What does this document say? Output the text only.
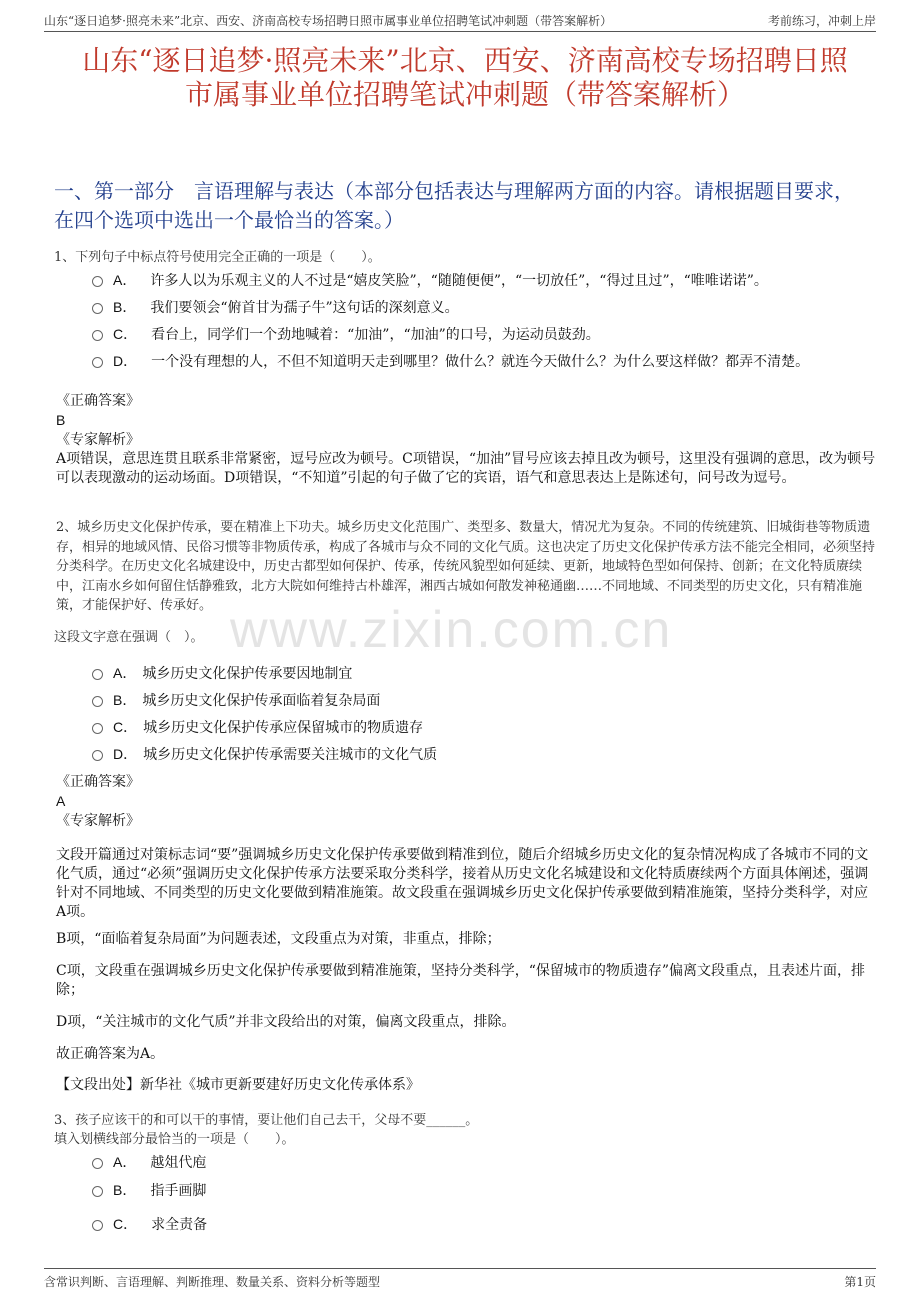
山东“逐日追梦·照亮未来”北京、西安、济南高校专场招聘日照市属事业单位招聘笔试冲刺题（带答案解析）	考前练习，冲刺上岸
山东“逐日追梦·照亮未来”北京、西安、济南高校专场招聘日照
市属事业单位招聘笔试冲刺题（带答案解析）
一、第一部分　言语理解与表达（本部分包括表达与理解两方面的内容。请根据题目要求，在四个选项中选出一个最恰当的答案。）
www.zixin.com.cn
1、下列句子中标点符号使用完全正确的一项是（　　）。
A． 许多人以为乐观主义的人不过是“嬉皮笑脸”，“随随便便”，“一切放任”，“得过且过”，“唯唯诺诺”。
B． 我们要领会“俯首甘为孺子牛”这句话的深刻意义。
C． 看台上，同学们一个劲地喊着：“加油”，“加油”的口号，为运动员鼓劲。
D． 一个没有理想的人，不但不知道明天走到哪里？做什么？就连今天做什么？为什么要这样做？都弄不清楚。
《正确答案》
B
《专家解析》
A项错误，意思连贯且联系非常紧密，逗号应改为顿号。C项错误，“加油”冒号应该去掉且改为顿号，这里没有强调的意思，改为顿号可以表现激动的运动场面。D项错误，“不知道”引起的句子做了它的宾语，语气和意思表达上是陈述句，问号改为逗号。
2、城乡历史文化保护传承，要在精准上下功夫。城乡历史文化范围广、类型多、数量大，情况尤为复杂。不同的传统建筑、旧城街巷等物质遗存，相异的地域风情、民俗习惯等非物质传承，构成了各城市与众不同的文化气质。这也决定了历史文化保护传承方法不能完全相同，必须坚持分类科学。在历史文化名城建设中，历史古都型如何保护、传承，传统风貌型如何延续、更新，地域特色型如何保持、创新；在文化特质赓续中，江南水乡如何留住恬静雅致，北方大院如何维持古朴雄浑，湘西古城如何散发神秘通幽……不同地域、不同类型的历史文化，只有精准施策，才能保护好、传承好。
这段文字意在强调（　）。
A． 城乡历史文化保护传承要因地制宜
B． 城乡历史文化保护传承面临着复杂局面
C． 城乡历史文化保护传承应保留城市的物质遗存
D． 城乡历史文化保护传承需要关注城市的文化气质
《正确答案》
A
《专家解析》
文段开篇通过对策标志词“要”强调城乡历史文化保护传承要做到精准到位，随后介绍城乡历史文化的复杂情况构成了各城市不同的文化气质，通过“必须”强调历史文化保护传承方法要采取分类科学，接着从历史文化名城建设和文化特质赓续两个方面具体阐述，强调针对不同地域、不同类型的历史文化要做到精准施策。故文段重在强调城乡历史文化保护传承要做到精准施策，坚持分类科学，对应A项。
B项，“面临着复杂局面”为问题表述，文段重点为对策，非重点，排除；
C项，文段重在强调城乡历史文化保护传承要做到精准施策，坚持分类科学，“保留城市的物质遗存”偏离文段重点，且表述片面，排除；
D项，“关注城市的文化气质”并非文段给出的对策，偏离文段重点，排除。
故正确答案为A。
【文段出处】新华社《城市更新要建好历史文化传承体系》
3、孩子应该干的和可以干的事情，要让他们自己去干，父母不要______。
填入划横线部分最恰当的一项是（　　）。
A． 越俎代庖
B． 指手画脚
C． 求全责备
含常识判断、言语理解、判断推理、数量关系、资料分析等题型	第1页
